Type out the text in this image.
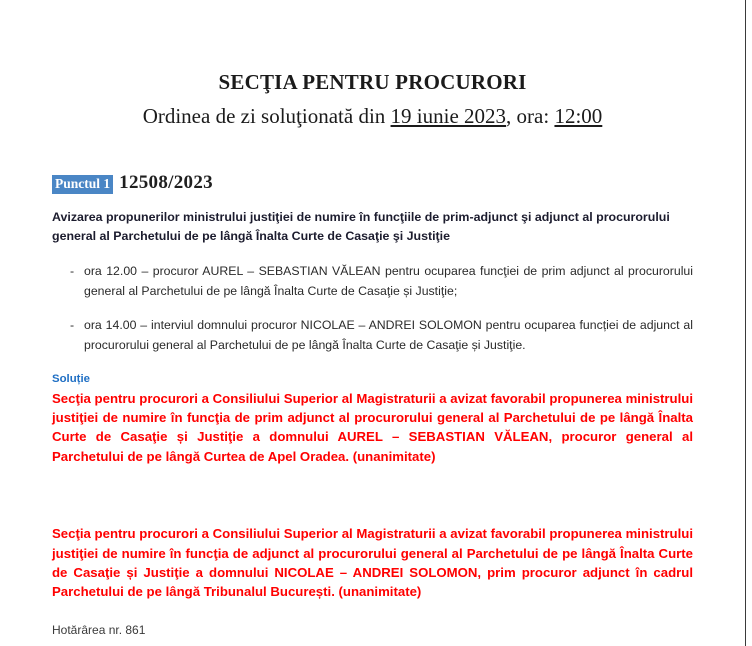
SECŢIA PENTRU PROCURORI
Ordinea de zi soluţionată din 19 iunie 2023, ora: 12:00
Punctul 1 12508/2023
Avizarea propunerilor ministrului justiţiei de numire în funcţiile de prim-adjunct şi adjunct al procurorului general al Parchetului de pe lângă Înalta Curte de Casaţie şi Justiţie
- ora 12.00 – procuror AUREL – SEBASTIAN VĂLEAN pentru ocuparea funcţiei de prim adjunct al procurorului general al Parchetului de pe lângă Înalta Curte de Casaţie și Justiţie;
- ora 14.00 – interviul domnului procuror NICOLAE – ANDREI SOLOMON pentru ocuparea funcției de adjunct al procurorului general al Parchetului de pe lângă Înalta Curte de Casaţie și Justiţie.
Soluție
Secţia pentru procurori a Consiliului Superior al Magistraturii a avizat favorabil propunerea ministrului justiţiei de numire în funcţia de prim adjunct al procurorului general al Parchetului de pe lângă Înalta Curte de Casaţie și Justiţie a domnului AUREL – SEBASTIAN VĂLEAN, procuror general al Parchetului de pe lângă Curtea de Apel Oradea. (unanimitate)
Secţia pentru procurori a Consiliului Superior al Magistraturii a avizat favorabil propunerea ministrului justiţiei de numire în funcţia de adjunct al procurorului general al Parchetului de pe lângă Înalta Curte de Casaţie și Justiţie a domnului NICOLAE – ANDREI SOLOMON, prim procuror adjunct în cadrul Parchetului de pe lângă Tribunalul București. (unanimitate)
Hotărârea nr. 861
